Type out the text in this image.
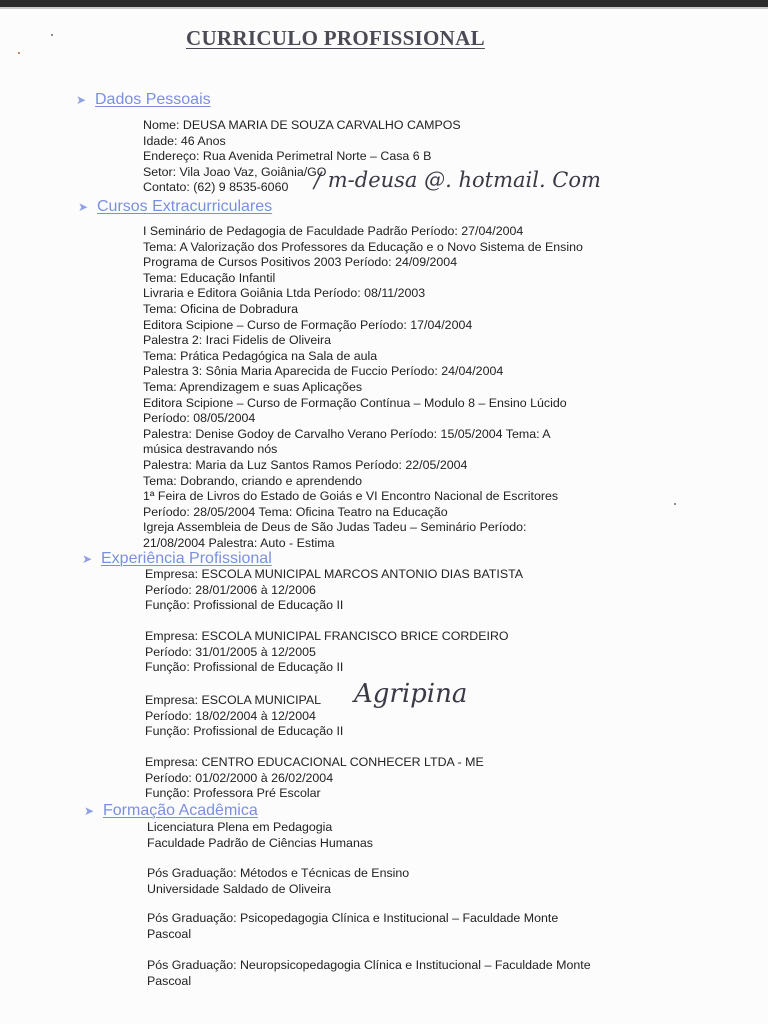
CURRICULO PROFISSIONAL
➤ Dados Pessoais
Nome: DEUSA MARIA DE SOUZA CARVALHO CAMPOS
Idade: 46 Anos
Endereço: Rua Avenida Perimetral Norte – Casa 6 B
Setor: Vila Joao Vaz, Goiânia/GO
Contato: (62) 9 8535-6060	/ m-deusa @. hotmail. Com
➤ Cursos Extracurriculares
I Seminário de Pedagogia de Faculdade Padrão Período: 27/04/2004
Tema: A Valorização dos Professores da Educação e o Novo Sistema de Ensino
Programa de Cursos Positivos 2003 Período: 24/09/2004
Tema: Educação Infantil
Livraria e Editora Goiânia Ltda Período: 08/11/2003
Tema: Oficina de Dobradura
Editora Scipione – Curso de Formação Período: 17/04/2004
Palestra 2: Iraci Fidelis de Oliveira
Tema: Prática Pedagógica na Sala de aula
Palestra 3: Sônia Maria Aparecida de Fuccio Período: 24/04/2004
Tema: Aprendizagem e suas Aplicações
Editora Scipione – Curso de Formação Contínua – Modulo 8 – Ensino Lúcido
Período: 08/05/2004
Palestra: Denise Godoy de Carvalho Verano Período: 15/05/2004 Tema: A
música destravando nós
Palestra: Maria da Luz Santos Ramos Período: 22/05/2004
Tema: Dobrando, criando e aprendendo
1ª Feira de Livros do Estado de Goiás e VI Encontro Nacional de Escritores
Período: 28/05/2004 Tema: Oficina Teatro na Educação
Igreja Assembleia de Deus de São Judas Tadeu – Seminário Período:
21/08/2004 Palestra: Auto - Estima
➤ Experiência Profissional
Empresa: ESCOLA MUNICIPAL MARCOS ANTONIO DIAS BATISTA
Período: 28/01/2006 à 12/2006
Função: Profissional de Educação II
Empresa: ESCOLA MUNICIPAL FRANCISCO BRICE CORDEIRO
Período: 31/01/2005 à 12/2005
Função: Profissional de Educação II
Empresa: ESCOLA MUNICIPAL
Período: 18/02/2004 à 12/2004
Função: Profissional de Educação II
Agripina
Empresa: CENTRO EDUCACIONAL CONHECER LTDA - ME
Período: 01/02/2000 à 26/02/2004
Função: Professora Pré Escolar
➤ Formação Acadêmica
Licenciatura Plena em Pedagogia
Faculdade Padrão de Ciências Humanas
Pós Graduação: Métodos e Técnicas de Ensino
Universidade Saldado de Oliveira
Pós Graduação: Psicopedagogia Clínica e Institucional – Faculdade Monte
Pascoal
Pós Graduação: Neuropsicopedagogia Clínica e Institucional – Faculdade Monte
Pascoal
